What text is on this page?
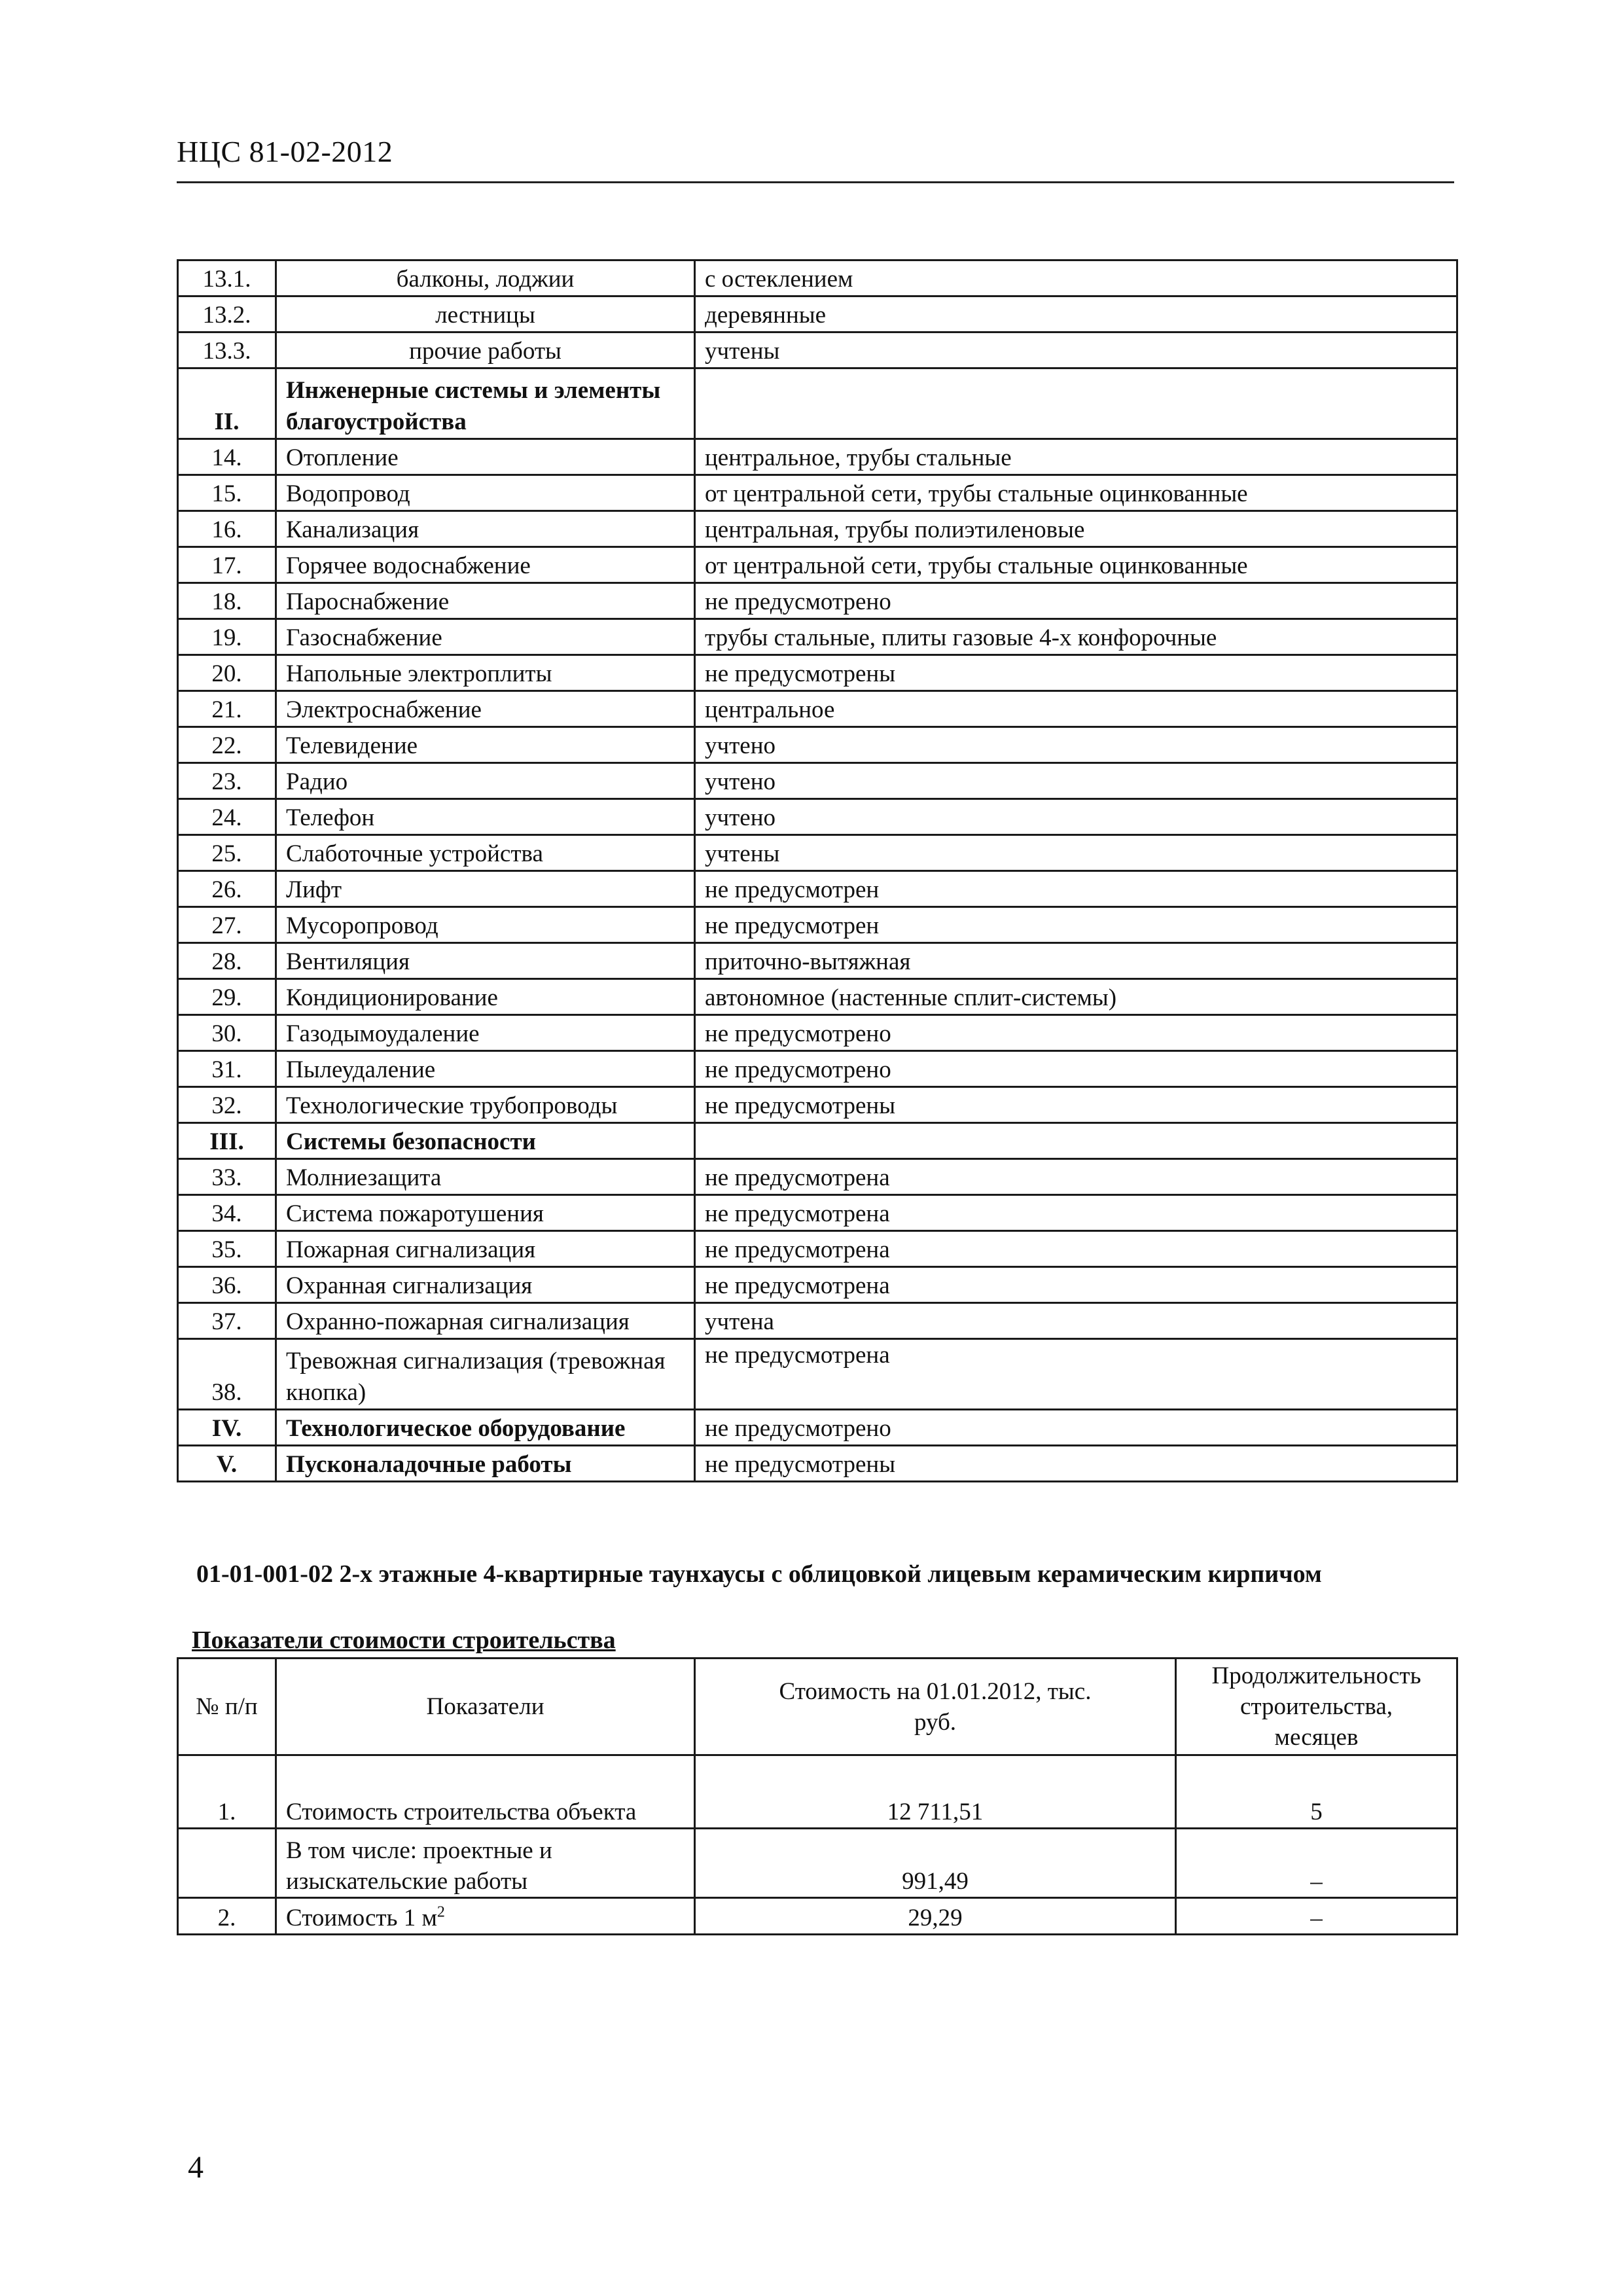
НЦС 81-02-2012
13.1.	балконы, лоджии	с остеклением
13.2.	лестницы	деревянные
13.3.	прочие работы	учтены
II.	Инженерные системы и элементы благоустройства	
14.	Отопление	центральное, трубы стальные
15.	Водопровод	от центральной сети, трубы стальные оцинкованные
16.	Канализация	центральная, трубы полиэтиленовые
17.	Горячее водоснабжение	от центральной сети, трубы стальные оцинкованные
18.	Пароснабжение	не предусмотрено
19.	Газоснабжение	трубы стальные, плиты газовые 4-х конфорочные
20.	Напольные электроплиты	не предусмотрены
21.	Электроснабжение	центральное
22.	Телевидение	учтено
23.	Радио	учтено
24.	Телефон	учтено
25.	Слаботочные устройства	учтены
26.	Лифт	не предусмотрен
27.	Мусоропровод	не предусмотрен
28.	Вентиляция	приточно-вытяжная
29.	Кондиционирование	автономное (настенные сплит-системы)
30.	Газодымоудаление	не предусмотрено
31.	Пылеудаление	не предусмотрено
32.	Технологические трубопроводы	не предусмотрены
III.	Системы безопасности	
33.	Молниезащита	не предусмотрена
34.	Система пожаротушения	не предусмотрена
35.	Пожарная сигнализация	не предусмотрена
36.	Охранная сигнализация	не предусмотрена
37.	Охранно-пожарная сигнализация	учтена
38.	Тревожная сигнализация (тревожная кнопка)	не предусмотрена
IV.	Технологическое оборудование	не предусмотрено
V.	Пусконаладочные работы	не предусмотрены
01-01-001-02 2-х этажные 4-квартирные таунхаусы с облицовкой лицевым керамическим кирпичом
Показатели стоимости строительства
№ п/п	Показатели	Стоимость на 01.01.2012, тыс. руб.	Продолжительность строительства, месяцев
1.	Стоимость строительства объекта	12 711,51	5
	В том числе: проектные и изыскательские работы	991,49	–
2.	Стоимость 1 $м^2$	29,29	–
4
